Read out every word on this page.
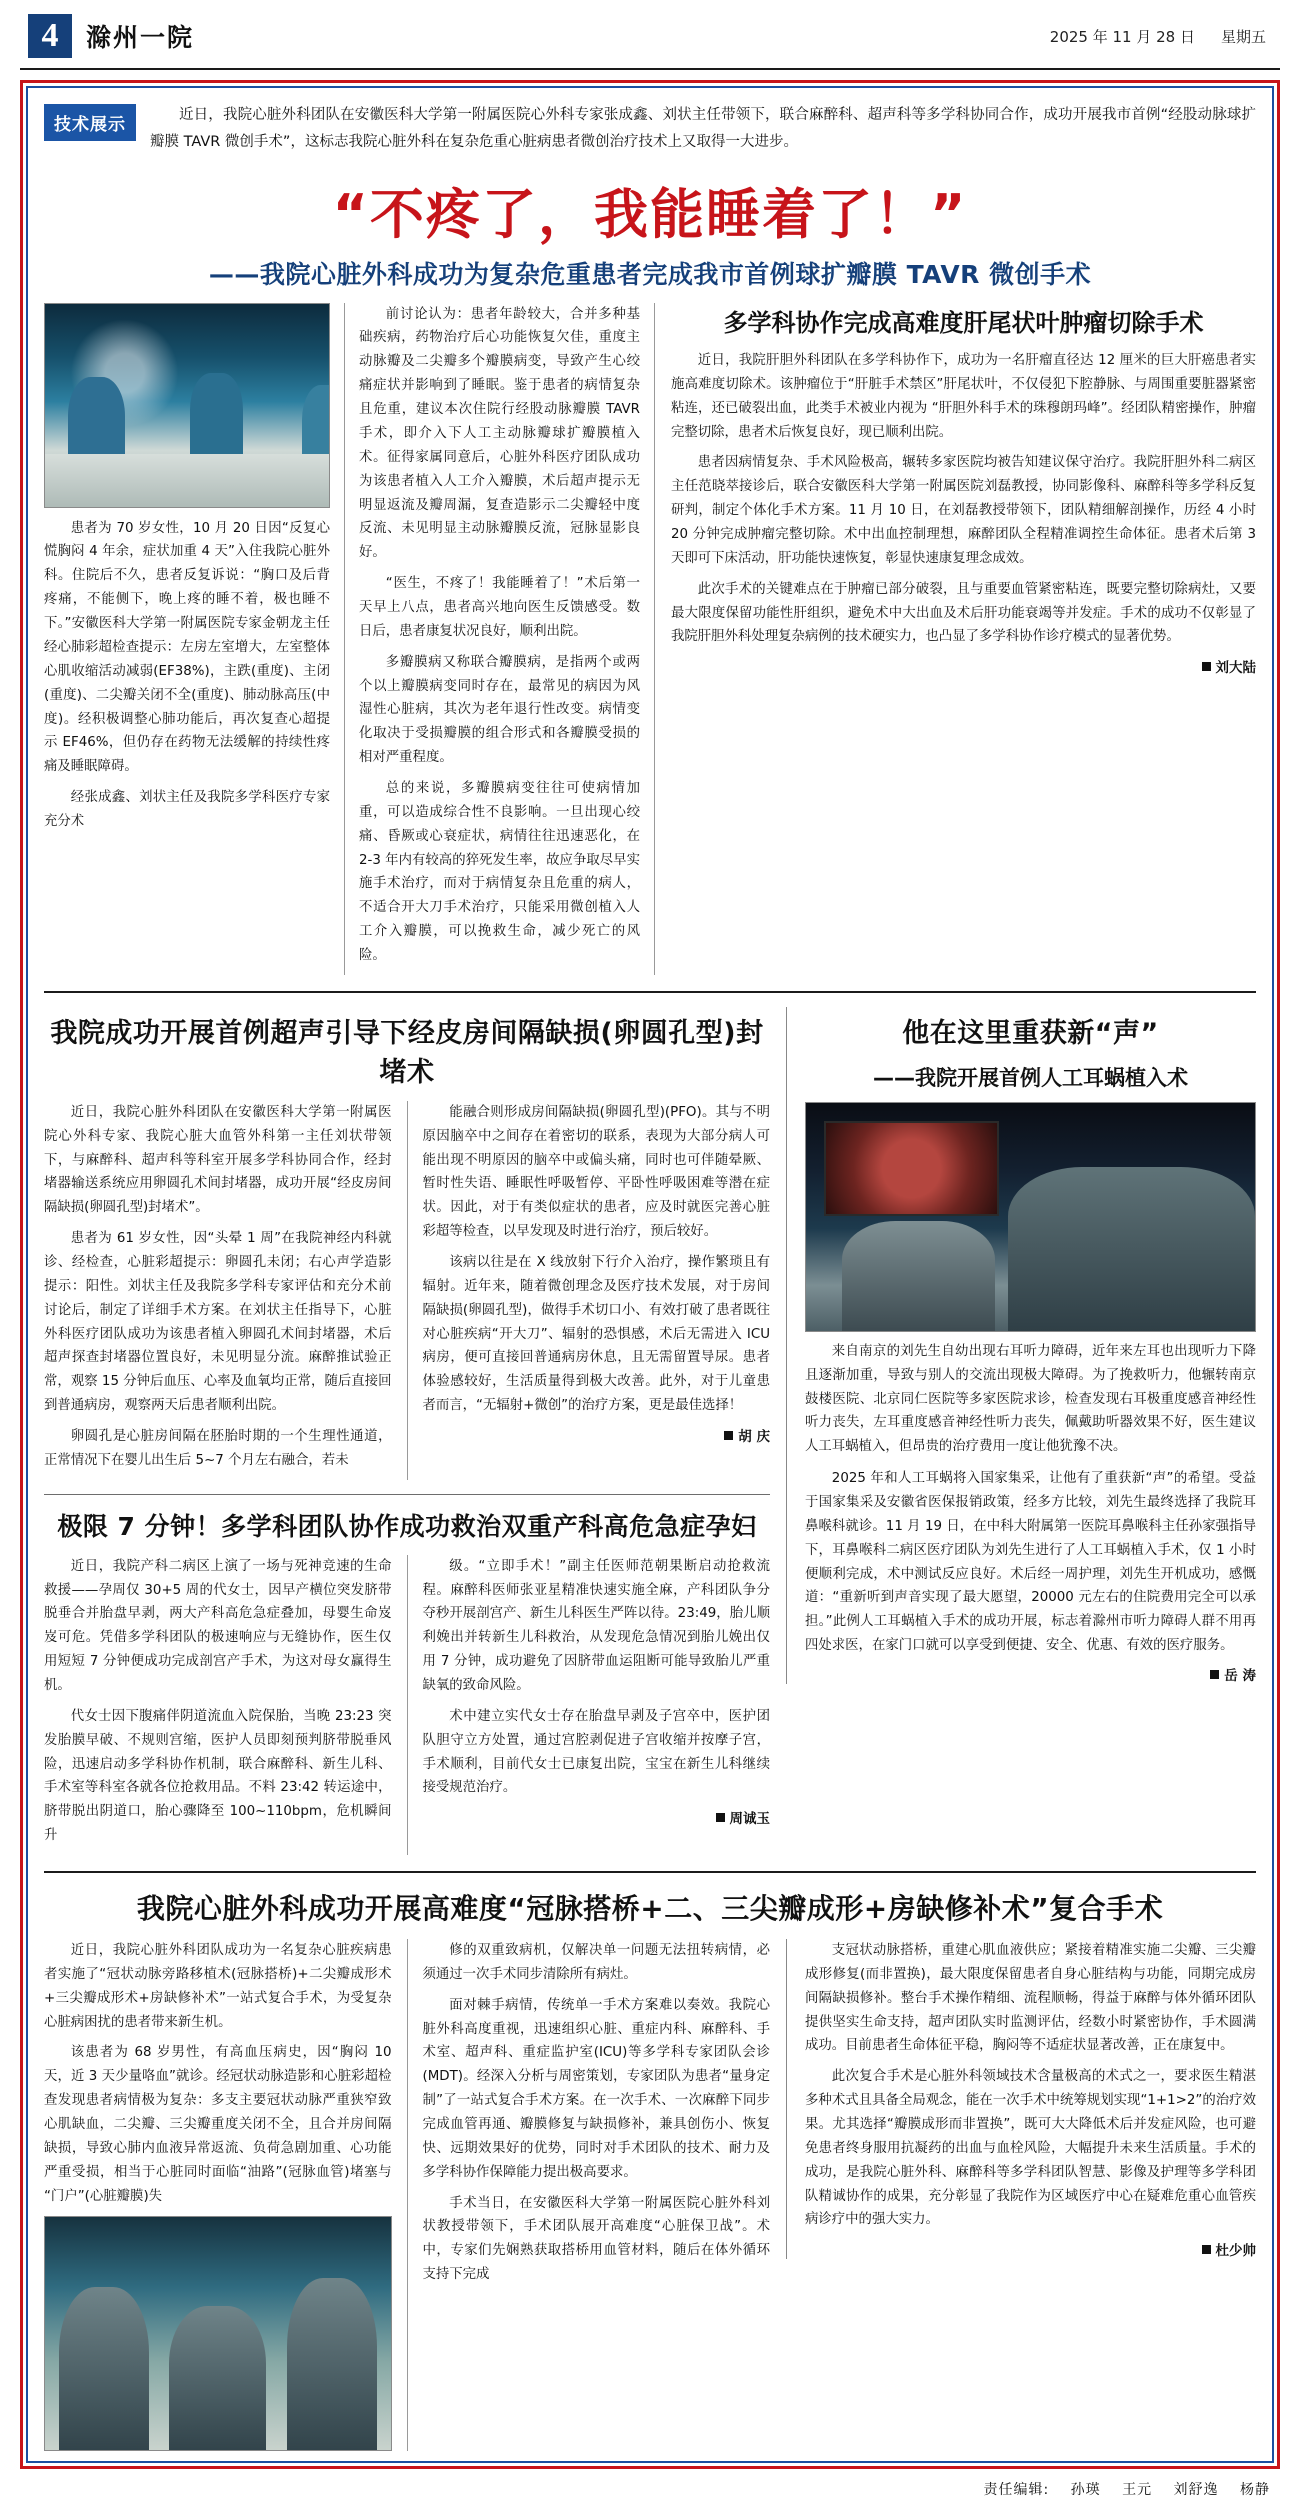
4	滁州一院	2025 年 11 月 28 日 星期五
技术展示	近日，我院心脏外科团队在安徽医科大学第一附属医院心外科专家张成鑫、刘状主任带领下，联合麻醉科、超声科等多学科协同合作，成功开展我市首例“经股动脉球扩瓣膜 TAVR 微创手术”，这标志我院心脏外科在复杂危重心脏病患者微创治疗技术上又取得一大进步。
“不疼了，我能睡着了！”
——我院心脏外科成功为复杂危重患者完成我市首例球扩瓣膜 TAVR 微创手术

患者为 70 岁女性，10 月 20 日因“反复心慌胸闷 4 年余，症状加重 4 天”入住我院心脏外科。住院后不久，患者反复诉说：“胸口及后背疼痛，不能侧下，晚上疼的睡不着，极也睡不下。”安徽医科大学第一附属医院专家金朝龙主任经心肺彩超检查提示：左房左室增大，左室整体心肌收缩活动减弱(EF38%)，主跌(重度)、主闭(重度)、二尖瓣关闭不全(重度)、肺动脉高压(中度)。经积极调整心肺功能后，再次复查心超提示 EF46%，但仍存在药物无法缓解的持续性疼痛及睡眠障碍。

经张成鑫、刘状主任及我院多学科医疗专家充分术

前讨论认为：患者年龄较大，合并多种基础疾病，药物治疗后心功能恢复欠佳，重度主动脉瓣及二尖瓣多个瓣膜病变，导致产生心绞痛症状并影响到了睡眠。鉴于患者的病情复杂且危重，建议本次住院行经股动脉瓣膜 TAVR 手术，即介入下人工主动脉瓣球扩瓣膜植入术。征得家属同意后，心脏外科医疗团队成功为该患者植入人工介入瓣膜，术后超声提示无明显返流及瓣周漏，复查造影示二尖瓣轻中度反流、未见明显主动脉瓣膜反流，冠脉显影良好。

“医生，不疼了！我能睡着了！”术后第一天早上八点，患者高兴地向医生反馈感受。数日后，患者康复状况良好，顺利出院。

多瓣膜病又称联合瓣膜病，是指两个或两个以上瓣膜病变同时存在，最常见的病因为风湿性心脏病，其次为老年退行性改变。病情变化取决于受损瓣膜的组合形式和各瓣膜受损的相对严重程度。

总的来说，多瓣膜病变往往可使病情加重，可以造成综合性不良影响。一旦出现心绞痛、昏厥或心衰症状，病情往往迅速恶化，在 2-3 年内有较高的猝死发生率，故应争取尽早实施手术治疗，而对于病情复杂且危重的病人，不适合开大刀手术治疗，只能采用微创植入人工介入瓣膜，可以挽救生命，减少死亡的风险。

多学科协作完成高难度肝尾状叶肿瘤切除手术

近日，我院肝胆外科团队在多学科协作下，成功为一名肝瘤直径达 12 厘米的巨大肝癌患者实施高难度切除术。该肿瘤位于“肝脏手术禁区”肝尾状叶，不仅侵犯下腔静脉、与周围重要脏器紧密粘连，还已破裂出血，此类手术被业内视为 “肝胆外科手术的珠穆朗玛峰”。经团队精密操作，肿瘤完整切除，患者术后恢复良好，现已顺利出院。

患者因病情复杂、手术风险极高，辗转多家医院均被告知建议保守治疗。我院肝胆外科二病区主任范晓萃接诊后，联合安徽医科大学第一附属医院刘磊教授，协同影像科、麻醉科等多学科反复研判，制定个体化手术方案。11 月 10 日，在刘磊教授带领下，团队精细解剖操作，历经 4 小时 20 分钟完成肿瘤完整切除。术中出血控制理想，麻醉团队全程精准调控生命体征。患者术后第 3 天即可下床活动，肝功能快速恢复，彰显快速康复理念成效。

此次手术的关键难点在于肿瘤已部分破裂，且与重要血管紧密粘连，既要完整切除病灶，又要最大限度保留功能性肝组织，避免术中大出血及术后肝功能衰竭等并发症。手术的成功不仅彰显了我院肝胆外科处理复杂病例的技术硬实力，也凸显了多学科协作诊疗模式的显著优势。

刘大陆
我院成功开展首例超声引导下经皮房间隔缺损(卵圆孔型)封堵术

近日，我院心脏外科团队在安徽医科大学第一附属医院心外科专家、我院心脏大血管外科第一主任刘状带领下，与麻醉科、超声科等科室开展多学科协同合作，经封堵器输送系统应用卵圆孔术间封堵器，成功开展“经皮房间隔缺损(卵圆孔型)封堵术”。

患者为 61 岁女性，因“头晕 1 周”在我院神经内科就诊、经检查，心脏彩超提示：卵圆孔未闭；右心声学造影提示：阳性。刘状主任及我院多学科专家评估和充分术前讨论后，制定了详细手术方案。在刘状主任指导下，心脏外科医疗团队成功为该患者植入卵圆孔术间封堵器，术后超声探查封堵器位置良好，未见明显分流。麻醉推试验正常，观察 15 分钟后血压、心率及血氧均正常，随后直接回到普通病房，观察两天后患者顺利出院。

卵圆孔是心脏房间隔在胚胎时期的一个生理性通道，正常情况下在婴儿出生后 5~7 个月左右融合，若未

能融合则形成房间隔缺损(卵圆孔型)(PFO)。其与不明原因脑卒中之间存在着密切的联系，表现为大部分病人可能出现不明原因的脑卒中或偏头痛，同时也可伴随晕厥、暂时性失语、睡眠性呼吸暂停、平卧性呼吸困难等潜在症状。因此，对于有类似症状的患者，应及时就医完善心脏彩超等检查，以早发现及时进行治疗，预后较好。

该病以往是在 X 线放射下行介入治疗，操作繁琐且有辐射。近年来，随着微创理念及医疗技术发展，对于房间隔缺损(卵圆孔型)，做得手术切口小、有效打破了患者既往对心脏疾病“开大刀”、辐射的恐惧感，术后无需进入 ICU 病房，便可直接回普通病房休息，且无需留置导尿。患者体验感较好，生活质量得到极大改善。此外，对于儿童患者而言，“无辐射+微创”的治疗方案，更是最佳选择！

胡 庆
极限 7 分钟！多学科团队协作成功救治双重产科高危急症孕妇

近日，我院产科二病区上演了一场与死神竞速的生命救援——孕周仅 30+5 周的代女士，因早产横位突发脐带脱垂合并胎盘早剥，两大产科高危急症叠加，母婴生命岌岌可危。凭借多学科团队的极速响应与无缝协作，医生仅用短短 7 分钟便成功完成剖宫产手术，为这对母女赢得生机。

代女士因下腹痛伴阴道流血入院保胎，当晚 23:23 突发胎膜早破、不规则宫缩，医护人员即刻预判脐带脱垂风险，迅速启动多学科协作机制，联合麻醉科、新生儿科、手术室等科室各就各位抢救用品。不料 23:42 转运途中，脐带脱出阴道口，胎心骤降至 100~110bpm，危机瞬间升

级。“立即手术！”副主任医师范朝果断启动抢救流程。麻醉科医师张亚星精准快速实施全麻，产科团队争分夺秒开展剖宫产、新生儿科医生严阵以待。23:49，胎儿顺利娩出并转新生儿科救治，从发现危急情况到胎儿娩出仅用 7 分钟，成功避免了因脐带血运阻断可能导致胎儿严重缺氧的致命风险。

术中建立实代女士存在胎盘早剥及子宫卒中，医护团队胆守立方处置，通过宫腔剥促进子宫收缩并按摩子宫，手术顺利，目前代女士已康复出院，宝宝在新生儿科继续接受规范治疗。

周诚玉
他在这里重获新“声”
——我院开展首例人工耳蜗植入术

来自南京的刘先生自幼出现右耳听力障碍，近年来左耳也出现听力下降且逐渐加重，导致与别人的交流出现极大障碍。为了挽救听力，他辗转南京鼓楼医院、北京同仁医院等多家医院求诊，检查发现右耳极重度感音神经性听力丧失，左耳重度感音神经性听力丧失，佩戴助听器效果不好，医生建议人工耳蜗植入，但昂贵的治疗费用一度让他犹豫不决。

2025 年和人工耳蜗将入国家集采，让他有了重获新“声”的希望。受益于国家集采及安徽省医保报销政策，经多方比较，刘先生最终选择了我院耳鼻喉科就诊。11 月 19 日，在中科大附属第一医院耳鼻喉科主任孙家强指导下，耳鼻喉科二病区医疗团队为刘先生进行了人工耳蜗植入手术，仅 1 小时便顺利完成，术中测试反应良好。术后经一周护理，刘先生开机成功，感慨道：“重新听到声音实现了最大愿望，20000 元左右的住院费用完全可以承担。”此例人工耳蜗植入手术的成功开展，标志着滁州市听力障碍人群不用再四处求医，在家门口就可以享受到便捷、安全、优惠、有效的医疗服务。

岳 涛
我院心脏外科成功开展高难度“冠脉搭桥+二、三尖瓣成形+房缺修补术”复合手术

近日，我院心脏外科团队成功为一名复杂心脏疾病患者实施了“冠状动脉旁路移植术(冠脉搭桥)+二尖瓣成形术+三尖瓣成形术+房缺修补术”一站式复合手术，为受复杂心脏病困扰的患者带来新生机。

该患者为 68 岁男性，有高血压病史，因“胸闷 10 天，近 3 天少量咯血”就诊。经冠状动脉造影和心脏彩超检查发现患者病情极为复杂：多支主要冠状动脉严重狭窄致心肌缺血，二尖瓣、三尖瓣重度关闭不全，且合并房间隔缺损，导致心肺内血液异常返流、负荷急剧加重、心功能严重受损，相当于心脏同时面临“油路”(冠脉血管)堵塞与“门户”(心脏瓣膜)失

修的双重致病机，仅解决单一问题无法扭转病情，必须通过一次手术同步清除所有病灶。

面对棘手病情，传统单一手术方案难以奏效。我院心脏外科高度重视，迅速组织心脏、重症内科、麻醉科、手术室、超声科、重症监护室(ICU)等多学科专家团队会诊(MDT)。经深入分析与周密策划，专家团队为患者“量身定制”了一站式复合手术方案。在一次手术、一次麻醉下同步完成血管再通、瓣膜修复与缺损修补，兼具创伤小、恢复快、远期效果好的优势，同时对手术团队的技术、耐力及多学科协作保障能力提出极高要求。

手术当日，在安徽医科大学第一附属医院心脏外科刘状教授带领下，手术团队展开高难度“心脏保卫战”。术中，专家们先娴熟获取搭桥用血管材料，随后在体外循环支持下完成

支冠状动脉搭桥，重建心肌血液供应；紧接着精准实施二尖瓣、三尖瓣成形修复(而非置换)，最大限度保留患者自身心脏结构与功能，同期完成房间隔缺损修补。整台手术操作精细、流程顺畅，得益于麻醉与体外循环团队提供坚实生命支持，超声团队实时监测评估，经数小时紧密协作，手术圆满成功。目前患者生命体征平稳，胸闷等不适症状显著改善，正在康复中。

此次复合手术是心脏外科领域技术含量极高的术式之一，要求医生精湛多种术式且具备全局观念，能在一次手术中统筹规划实现“1+1>2”的治疗效果。尤其选择“瓣膜成形而非置换”，既可大大降低术后并发症风险，也可避免患者终身服用抗凝药的出血与血栓风险，大幅提升未来生活质量。手术的成功，是我院心脏外科、麻醉科等多学科团队智慧、影像及护理等多学科团队精诚协作的成果，充分彰显了我院作为区域医疗中心在疑难危重心血管疾病诊疗中的强大实力。

杜少帅
责任编辑: 孙瑛 王元 刘舒逸 杨静
